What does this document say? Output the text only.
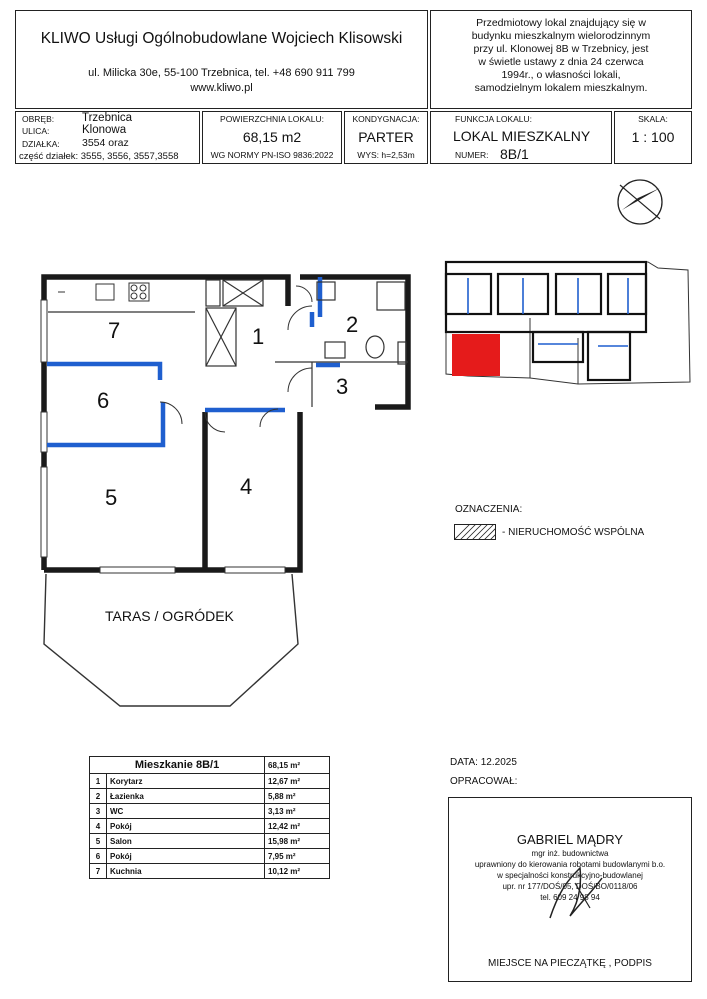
KLIWO Usługi Ogólnobudowlane Wojciech Klisowski
ul. Milicka 30e, 55-100 Trzebnica, tel. +48 690 911 799
www.kliwo.pl
Przedmiotowy lokal znajdujący się w
budynku mieszkalnym wielorodzinnym
przy ul. Klonowej 8B w Trzebnicy, jest
w świetle ustawy z dnia 24 czerwca
1994r., o własności lokali,
samodzielnym lokalem mieszkalnym.
OBRĘB: Trzebnica
ULICA:	Klonowa
DZIAŁKA: 3554 oraz
część działek: 3555, 3556, 3557,3558
POWIERZCHNIA LOKALU:
68,15 m2
WG NORMY PN-ISO 9836:2022
KONDYGNACJA:
PARTER
WYS: h=2,53m
FUNKCJA LOKALU:
LOKAL MIESZKALNY
NUMER: 8B/1
SKALA:
1 : 100
7
6
5	4
1	2
3
TARAS / OGRÓDEK
OZNACZENIA:
- NIERUCHOMOŚĆ WSPÓLNA
Mieszkanie 8B/1		68,15 m²
1	Korytarz	12,67 m²
2	Łazienka	5,88 m²
3	WC	3,13 m²
4	Pokój	12,42 m²
5	Salon	15,98 m²
6	Pokój	7,95 m²
7	Kuchnia	10,12 m²
DATA: 12.2025
OPRACOWAŁ:
GABRIEL MĄDRY
mgr inż. budownictwa
uprawniony do kierowania robotami budowlanymi b.o.
w specjalności konstrukcyjno-budowlanej
upr. nr 177/DOŚ/05, DOŚ/BO/0118/06
tel. 609 24 98 94
MIEJSCE NA PIECZĄTKĘ , PODPIS
